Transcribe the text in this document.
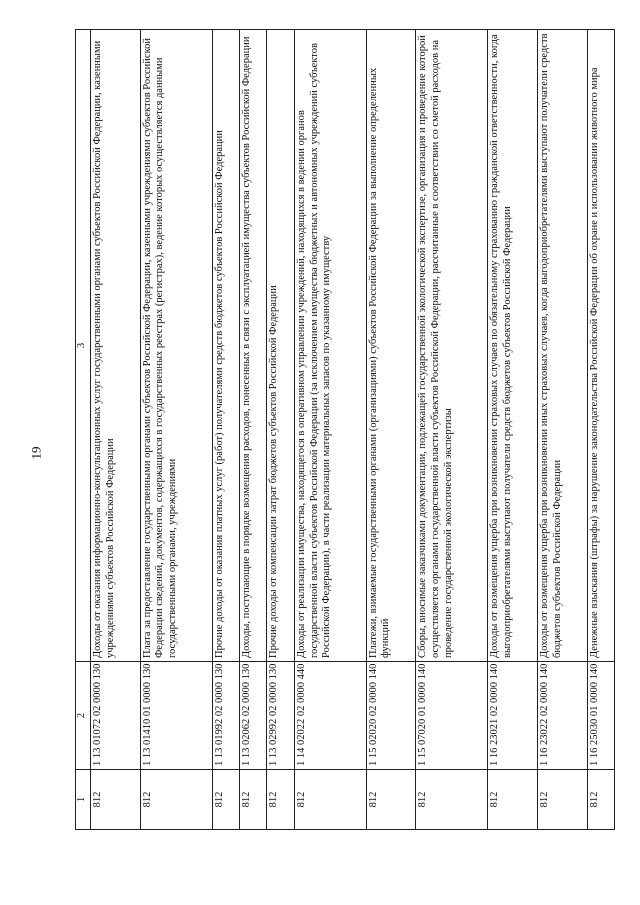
19
1	2	3
812	1 13 01072 02 0000 130	Доходы от оказания информационно-консультационных услуг государственными органами субъектов Российской Федерации, казенными учреждениями субъектов Российской Федерации
812	1 13 01410 01 0000 130	Плата за предоставление государственными органами субъектов Российской Федерации, казенными учреждениями субъектов Российской Федерации сведений, документов, содержащихся в государственных реестрах (регистрах), ведение которых осуществляется данными государственными органами, учреждениями
812	1 13 01992 02 0000 130	Прочие доходы от оказания платных услуг (работ) получателями средств бюджетов субъектов Российской Федерации
812	1 13 02062 02 0000 130	Доходы, поступающие в порядке возмещения расходов, понесенных в связи с эксплуатацией имущества субъектов Российской Федерации
812	1 13 02992 02 0000 130	Прочие доходы от компенсации затрат бюджетов субъектов Российской Федерации
812	1 14 02022 02 0000 440	Доходы от реализации имущества, находящегося в оперативном управлении учреждений, находящихся в ведении органов государственной власти субъектов Российской Федерации (за исключением имущества бюджетных и автономных учреждений субъектов Российской Федерации), в части реализации материальных запасов по указанному имуществу
812	1 15 02020 02 0000 140	Платежи, взимаемые государственными органами (организациями) субъектов Российской Федерации за выполнение определенных функций
812	1 15 07020 01 0000 140	Сборы, вносимые заказчиками документации, подлежащей государственной экологической экспертизе, организация и проведение которой осуществляется органами государственной власти субъектов Российской Федерации, рассчитанные в соответствии со сметой расходов на проведение государственной экологической экспертизы
812	1 16 23021 02 0000 140	Доходы от возмещения ущерба при возникновении страховых случаев по обязательному страхованию гражданской ответственности, когда выгодоприобретателями выступают получатели средств бюджетов субъектов Российской Федерации
812	1 16 23022 02 0000 140	Доходы от возмещения ущерба при возникновении иных страховых случаев, когда выгодоприобретателями выступают получатели средств бюджетов субъектов Российской Федерации
812	1 16 25030 01 0000 140	Денежные взыскания (штрафы) за нарушение законодательства Российской Федерации об охране и использовании животного мира
